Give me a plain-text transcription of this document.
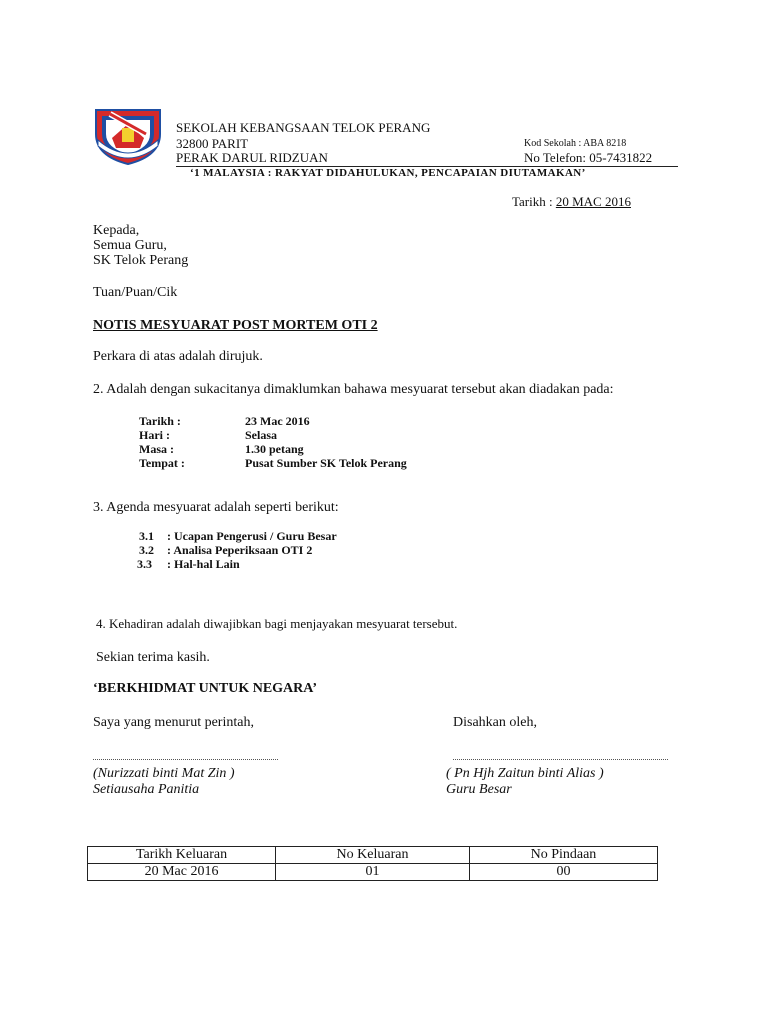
SEKOLAH KEBANGSAAN TELOK PERANG
32800 PARIT
PERAK DARUL RIDZUAN
Kod Sekolah : ABA 8218
No Telefon: 05-7431822
‘1 MALAYSIA : RAKYAT DIDAHULUKAN, PENCAPAIAN DIUTAMAKAN’
Tarikh : 20 MAC 2016
Kepada,
Semua Guru,
SK Telok Perang
Tuan/Puan/Cik
NOTIS MESYUARAT POST MORTEM OTI 2
Perkara di atas adalah dirujuk.
2. Adalah dengan sukacitanya dimaklumkan bahawa mesyuarat tersebut akan diadakan pada:
Tarikh :	23 Mac 2016
Hari :	Selasa
Masa :	1.30 petang
Tempat :	Pusat Sumber SK Telok Perang
3. Agenda mesyuarat adalah seperti berikut:
3.1 : Ucapan Pengerusi / Guru Besar
3.2 : Analisa Peperiksaan OTI 2
3.3 : Hal-hal Lain
4. Kehadiran adalah diwajibkan bagi menjayakan mesyuarat tersebut.
Sekian terima kasih.
‘BERKHIDMAT UNTUK NEGARA’
Saya yang menurut perintah,	Disahkan oleh,
(Nurizzati binti Mat Zin )	( Pn Hjh Zaitun binti Alias )
Setiausaha Panitia	Guru Besar
Tarikh Keluaran	No Keluaran	No Pindaan
20 Mac 2016	01	00
